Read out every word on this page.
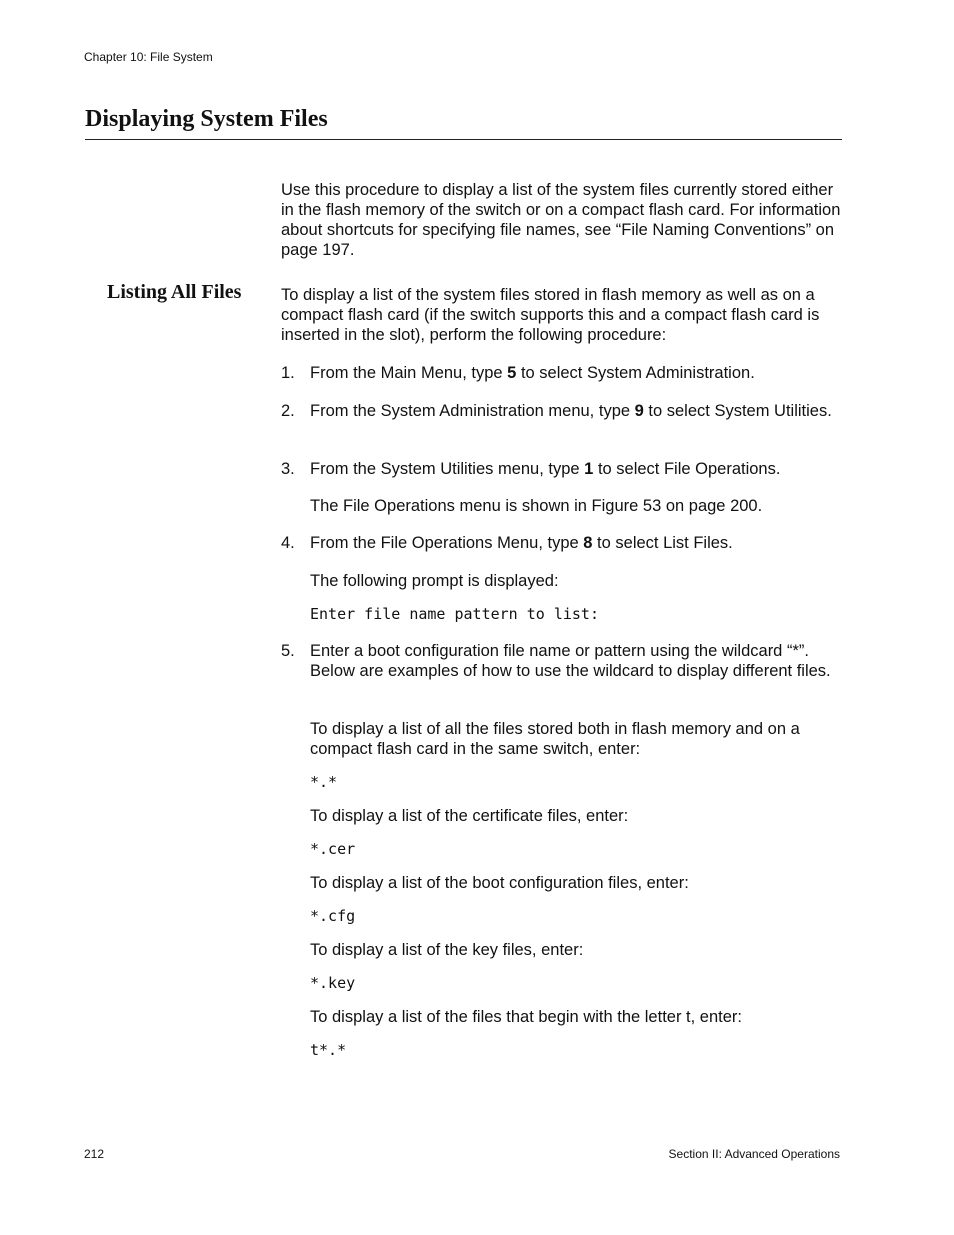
Chapter 10: File System
Displaying System Files

Use this procedure to display a list of the system files currently stored either in the flash memory of the switch or on a compact flash card. For information about shortcuts for specifying file names, see “File Naming Conventions” on page 197.

Listing All Files To display a list of the system files stored in flash memory as well as on a compact flash card (if the switch supports this and a compact flash card is inserted in the slot), perform the following procedure:

1. From the Main Menu, type 5 to select System Administration.
2. From the System Administration menu, type 9 to select System Utilities.
3. From the System Utilities menu, type 1 to select File Operations.

The File Operations menu is shown in Figure 53 on page 200.

4. From the File Operations Menu, type 8 to select List Files.

The following prompt is displayed:

Enter file name pattern to list:
5. Enter a boot configuration file name or pattern using the wildcard “*”. Below are examples of how to use the wildcard to display different files.

To display a list of all the files stored both in flash memory and on a compact flash card in the same switch, enter:

*.*

To display a list of the certificate files, enter:

*.cer

To display a list of the boot configuration files, enter:

*.cfg

To display a list of the key files, enter:

*.key

To display a list of the files that begin with the letter t, enter:

t*.*
212	Section II: Advanced Operations
